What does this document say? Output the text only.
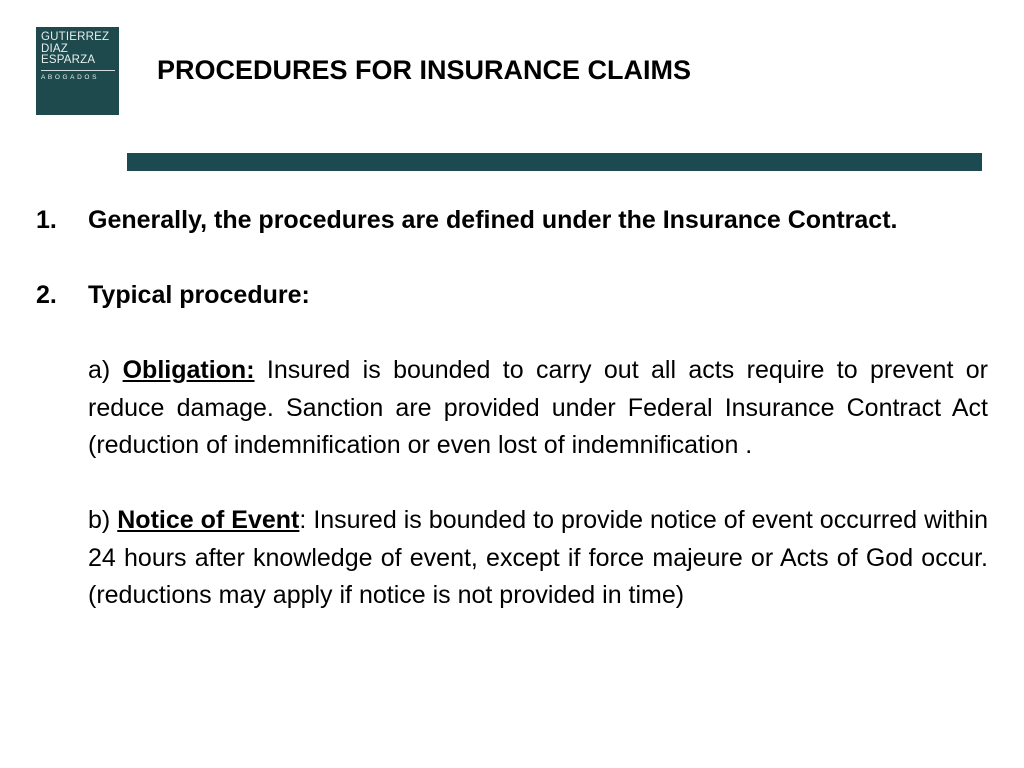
GUTIERREZ
DIAZ
ESPARZA
ABOGADOS	PROCEDURES FOR INSURANCE CLAIMS
1. Generally, the procedures are defined under the Insurance Contract.
2. Typical procedure:
a) Obligation: Insured is bounded to carry out all acts require to prevent or reduce damage. Sanction are provided under Federal Insurance Contract Act (reduction of indemnification or even lost of indemnification .
b) Notice of Event: Insured is bounded to provide notice of event occurred within 24 hours after knowledge of event, except if force majeure or Acts of God occur. (reductions may apply if notice is not provided in time)
